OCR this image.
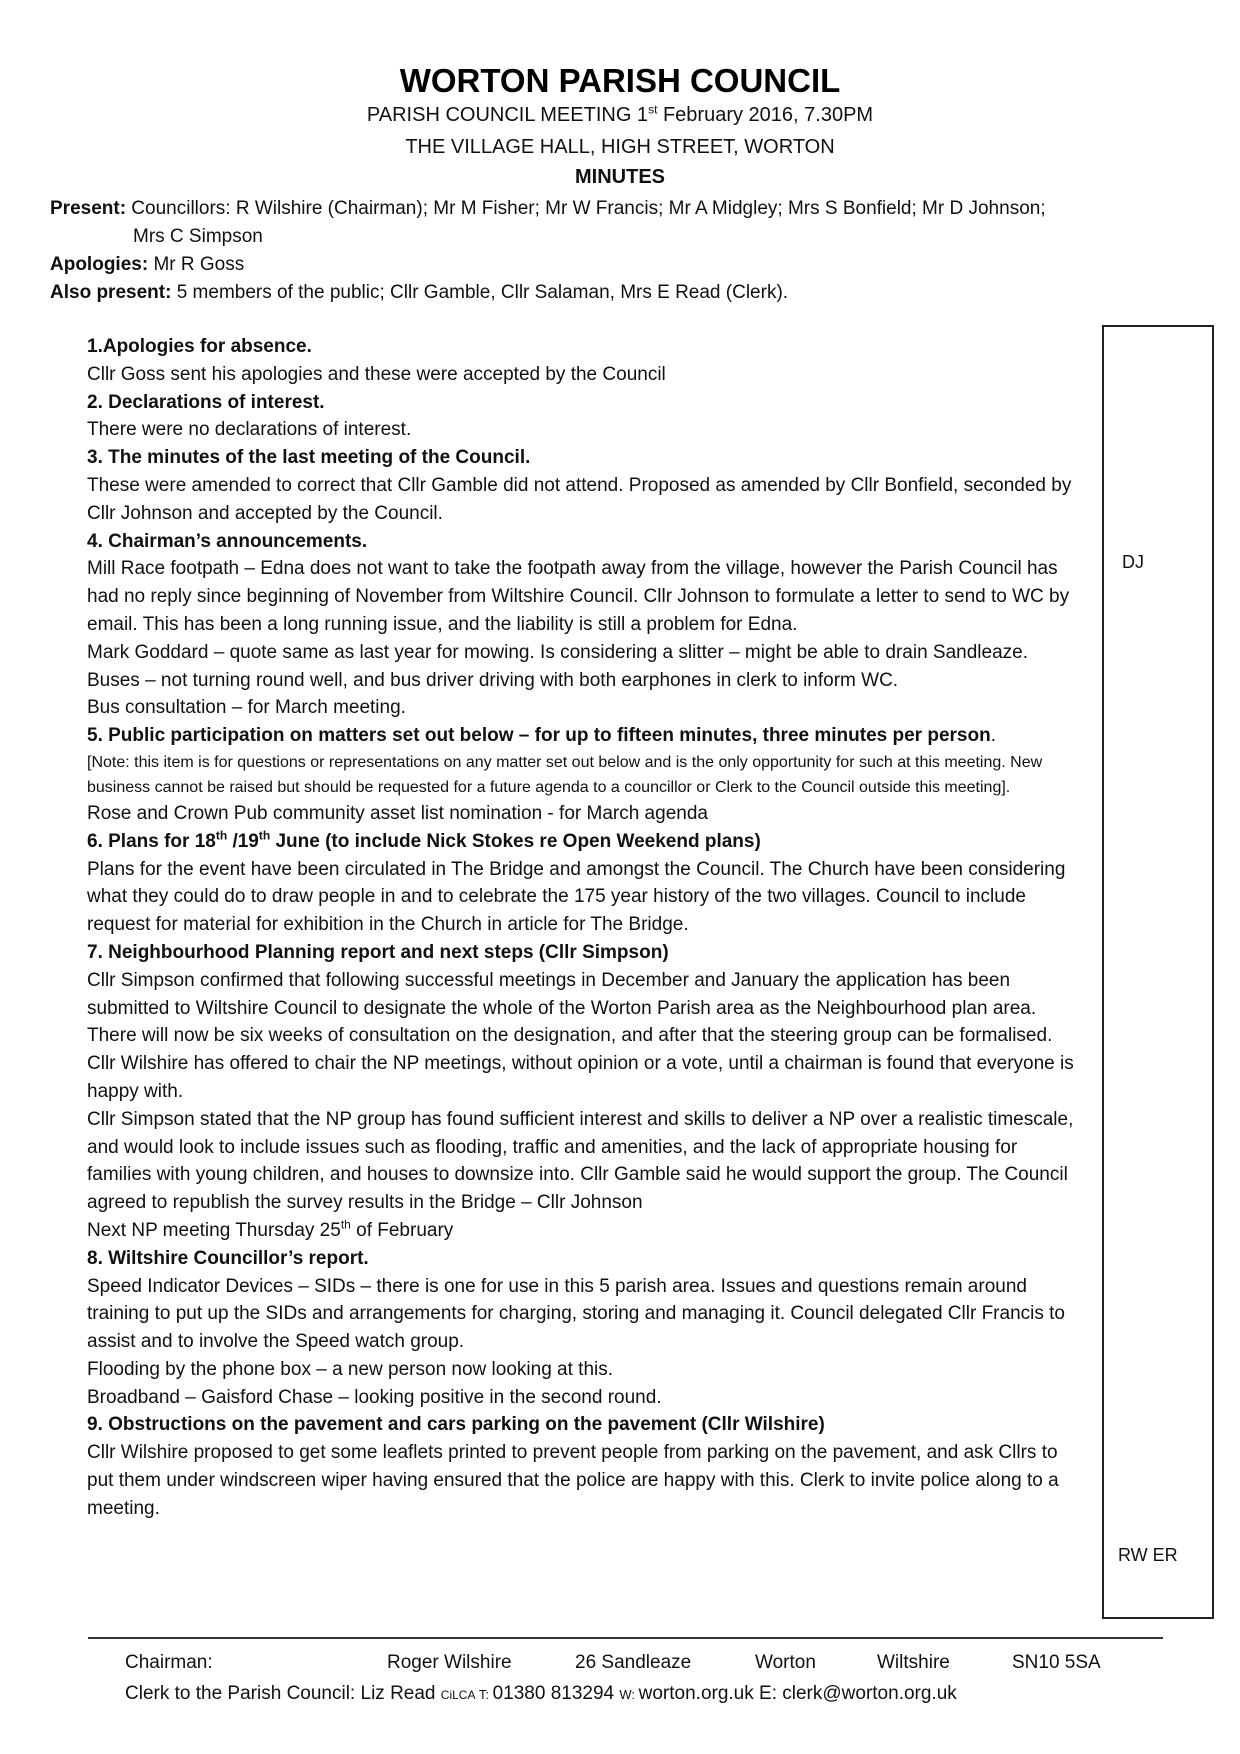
WORTON PARISH COUNCIL
PARISH COUNCIL MEETING 1st February 2016, 7.30PM
THE VILLAGE HALL, HIGH STREET, WORTON
MINUTES
Present: Councillors: R Wilshire (Chairman); Mr M Fisher; Mr W Francis; Mr A Midgley; Mrs S Bonfield; Mr D Johnson;
Mrs C Simpson
Apologies: Mr R Goss
Also present: 5 members of the public; Cllr Gamble, Cllr Salaman, Mrs E Read (Clerk).
1.Apologies for absence.
Cllr Goss sent his apologies and these were accepted by the Council
2. Declarations of interest.
There were no declarations of interest.
3. The minutes of the last meeting of the Council.
These were amended to correct that Cllr Gamble did not attend. Proposed as amended by Cllr Bonfield, seconded by Cllr Johnson and accepted by the Council.
4. Chairman’s announcements.
Mill Race footpath – Edna does not want to take the footpath away from the village, however the Parish Council has had no reply since beginning of November from Wiltshire Council. Cllr Johnson to formulate a letter to send to WC by email. This has been a long running issue, and the liability is still a problem for Edna.
Mark Goddard – quote same as last year for mowing. Is considering a slitter – might be able to drain Sandleaze.
Buses – not turning round well, and bus driver driving with both earphones in clerk to inform WC.
Bus consultation – for March meeting.
5. Public participation on matters set out below – for up to fifteen minutes, three minutes per person.
[Note: this item is for questions or representations on any matter set out below and is the only opportunity for such at this meeting. New business cannot be raised but should be requested for a future agenda to a councillor or Clerk to the Council outside this meeting].
Rose and Crown Pub community asset list nomination - for March agenda
6. Plans for 18th /19th June (to include Nick Stokes re Open Weekend plans)
Plans for the event have been circulated in The Bridge and amongst the Council. The Church have been considering what they could do to draw people in and to celebrate the 175 year history of the two villages. Council to include request for material for exhibition in the Church in article for The Bridge.
7. Neighbourhood Planning report and next steps (Cllr Simpson)
Cllr Simpson confirmed that following successful meetings in December and January the application has been submitted to Wiltshire Council to designate the whole of the Worton Parish area as the Neighbourhood plan area. There will now be six weeks of consultation on the designation, and after that the steering group can be formalised. Cllr Wilshire has offered to chair the NP meetings, without opinion or a vote, until a chairman is found that everyone is happy with.
Cllr Simpson stated that the NP group has found sufficient interest and skills to deliver a NP over a realistic timescale, and would look to include issues such as flooding, traffic and amenities, and the lack of appropriate housing for families with young children, and houses to downsize into. Cllr Gamble said he would support the group. The Council agreed to republish the survey results in the Bridge – Cllr Johnson
Next NP meeting Thursday 25th of February
8. Wiltshire Councillor’s report.
Speed Indicator Devices – SIDs – there is one for use in this 5 parish area. Issues and questions remain around training to put up the SIDs and arrangements for charging, storing and managing it. Council delegated Cllr Francis to assist and to involve the Speed watch group.
Flooding by the phone box – a new person now looking at this.
Broadband – Gaisford Chase – looking positive in the second round.
9. Obstructions on the pavement and cars parking on the pavement (Cllr Wilshire)
Cllr Wilshire proposed to get some leaflets printed to prevent people from parking on the pavement, and ask Cllrs to put them under windscreen wiper having ensured that the police are happy with this. Clerk to invite police along to a meeting.
DJ
RW ER
Chairman:	Roger Wilshire	26 Sandleaze	Worton	Wiltshire	SN10 5SA
Clerk to the Parish Council: Liz Read CiLCA T: 01380 813294 W: worton.org.uk E: clerk@worton.org.uk
